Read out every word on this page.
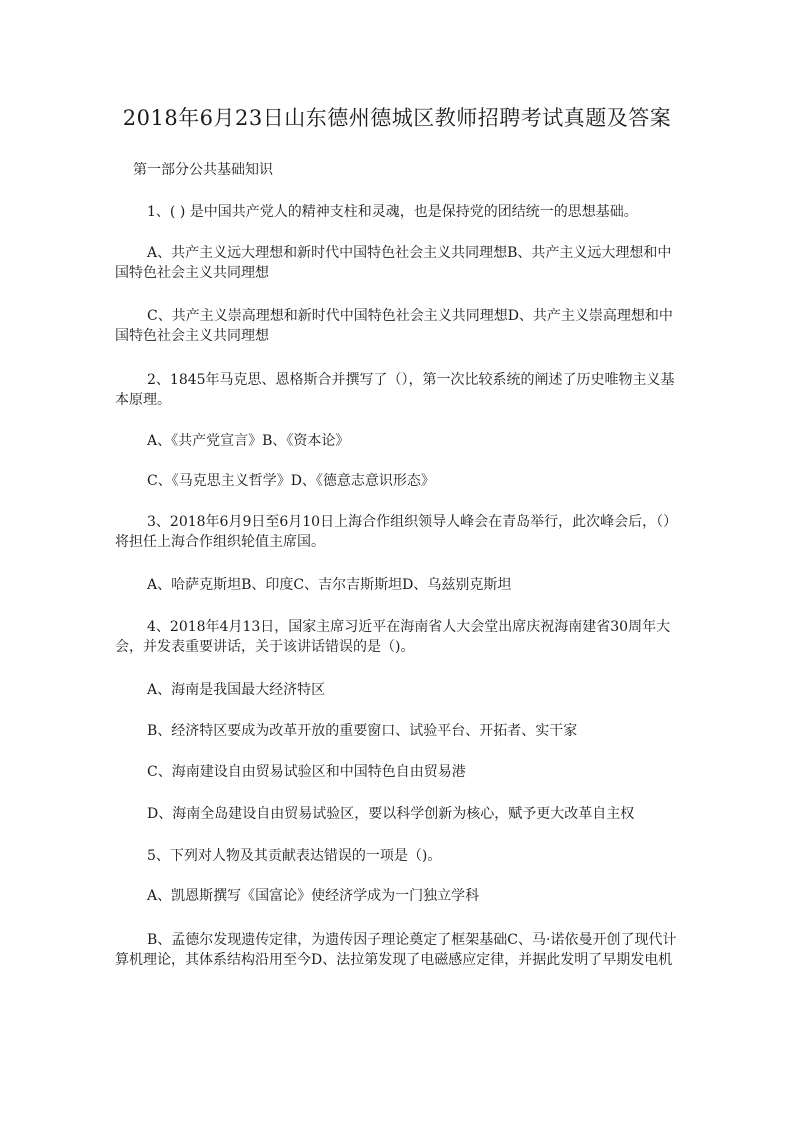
2018年6月23日山东德州德城区教师招聘考试真题及答案
第一部分公共基础知识

1、( ) 是中国共产党人的精神支柱和灵魂，也是保持党的团结统一的思想基础。

A、共产主义远大理想和新时代中国特色社会主义共同理想B、共产主义远大理想和中国特色社会主义共同理想

C、共产主义崇高理想和新时代中国特色社会主义共同理想D、共产主义崇高理想和中国特色社会主义共同理想

2、1845年马克思、恩格斯合并撰写了（），第一次比较系统的阐述了历史唯物主义基本原理。

A、《共产党宣言》B、《资本论》

C、《马克思主义哲学》D、《德意志意识形态》

3、2018年6月9日至6月10日上海合作组织领导人峰会在青岛举行，此次峰会后，（）将担任上海合作组织轮值主席国。

A、哈萨克斯坦B、印度C、吉尔吉斯斯坦D、乌兹别克斯坦

4、2018年4月13日，国家主席习近平在海南省人大会堂出席庆祝海南建省30周年大会，并发表重要讲话，关于该讲话错误的是（)。

A、海南是我国最大经济特区

B、经济特区要成为改革开放的重要窗口、试验平台、开拓者、实干家

C、海南建设自由贸易试验区和中国特色自由贸易港

D、海南全岛建设自由贸易试验区，要以科学创新为核心，赋予更大改革自主权

5、下列对人物及其贡献表达错误的一项是（)。

A、凯恩斯撰写《国富论》使经济学成为一门独立学科

B、孟德尔发现遗传定律，为遗传因子理论奠定了框架基础C、马·诺依曼开创了现代计算机理论，其体系结构沿用至今D、法拉第发现了电磁感应定律，并据此发明了早期发电机
